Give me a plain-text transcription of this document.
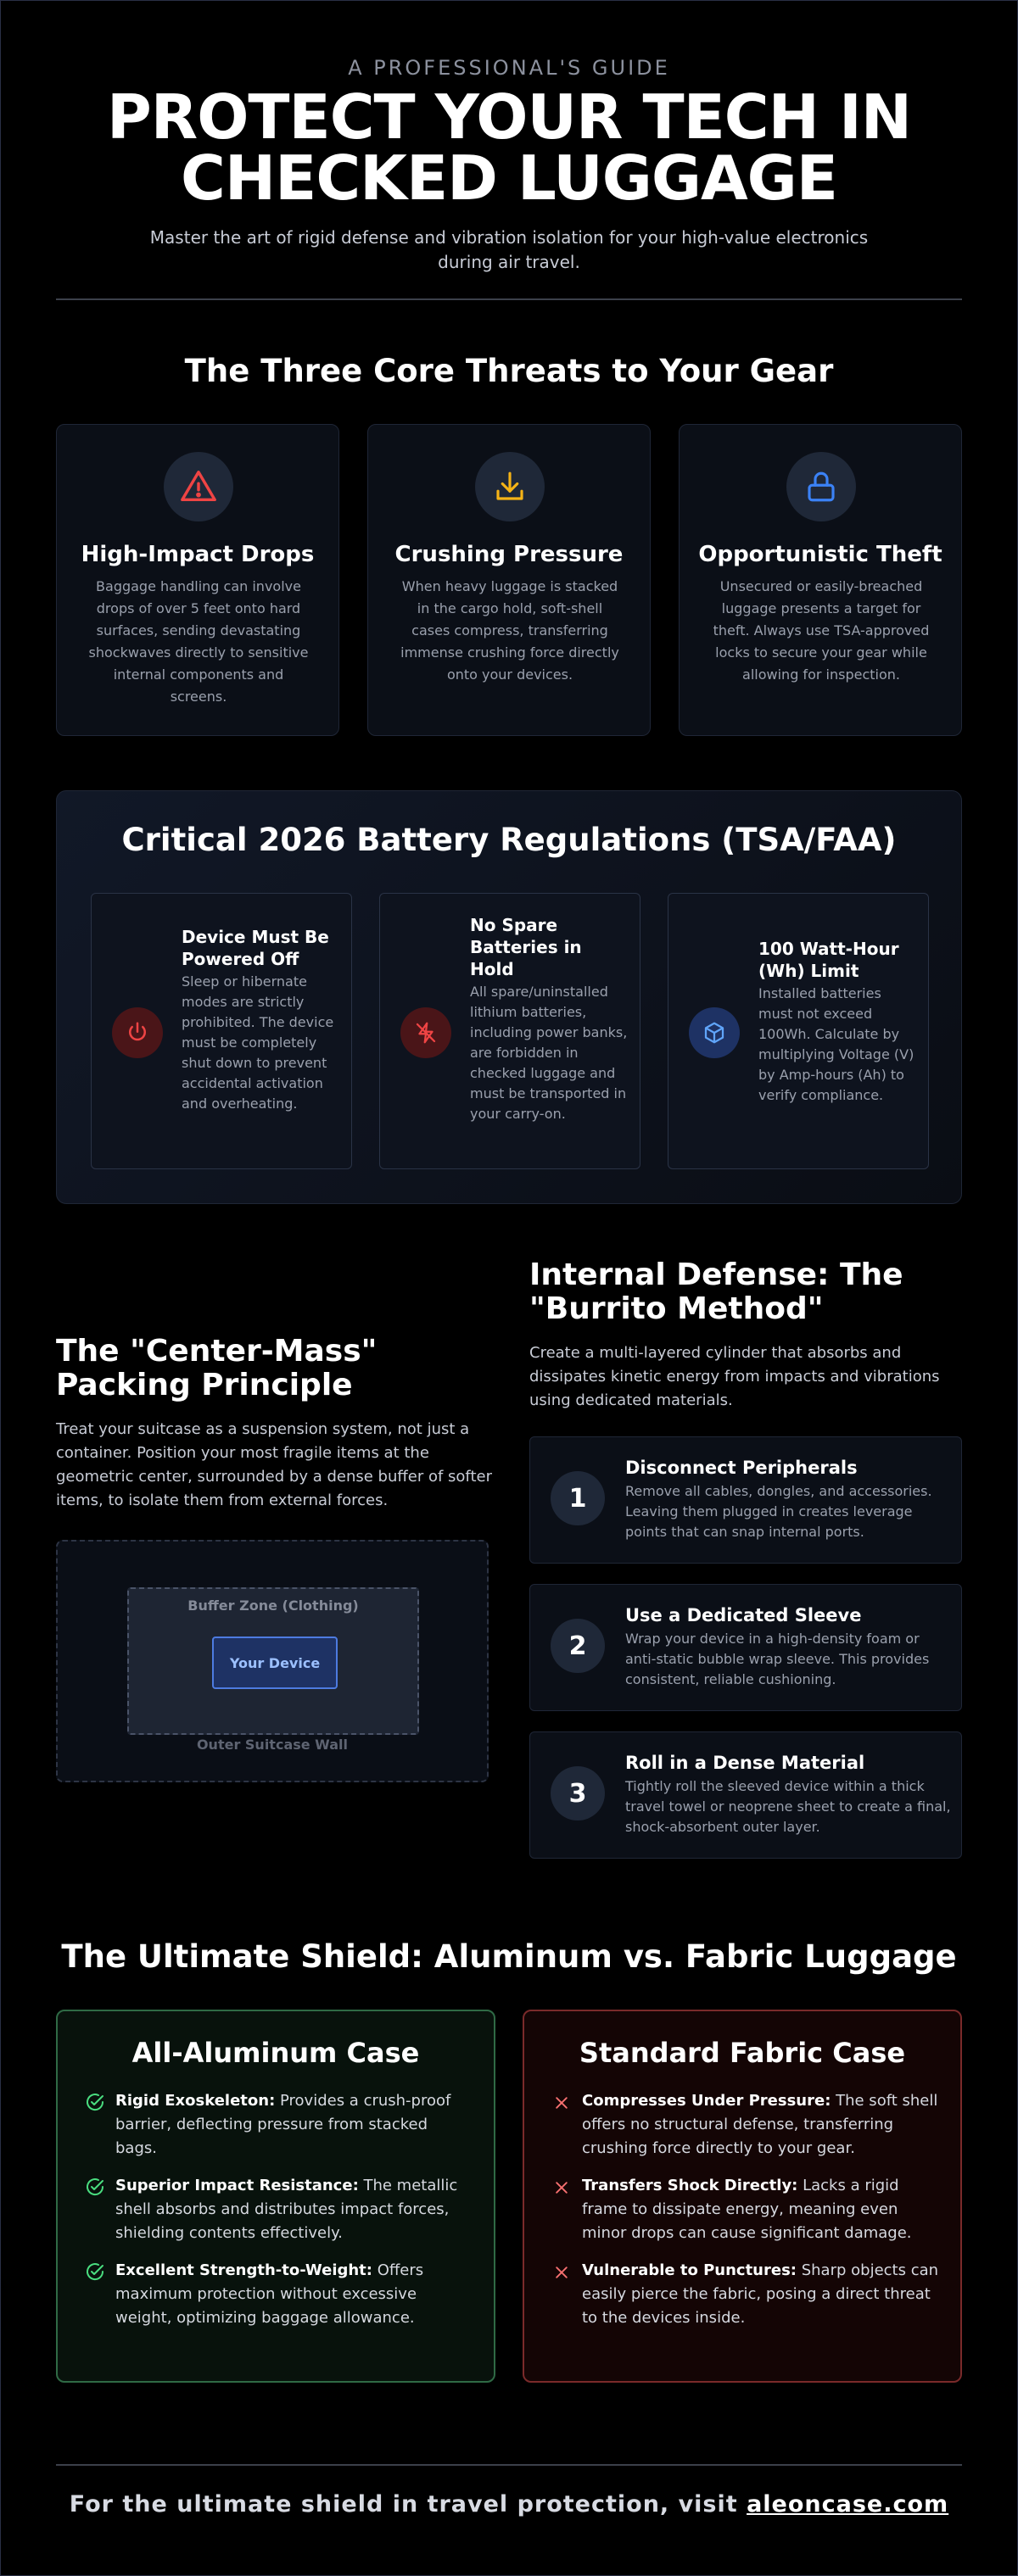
A PROFESSIONAL'S GUIDE
PROTECT YOUR TECH IN
CHECKED LUGGAGE
Master the art of rigid defense and vibration isolation for your high-value electronics during air travel.
The Three Core Threats to Your Gear
High-Impact Drops

Baggage handling can involve drops of over 5 feet onto hard surfaces, sending devastating shockwaves directly to sensitive internal components and screens.

Crushing Pressure

When heavy luggage is stacked in the cargo hold, soft-shell cases compress, transferring immense crushing force directly onto your devices.

Opportunistic Theft

Unsecured or easily-breached luggage presents a target for theft. Always use TSA-approved locks to secure your gear while allowing for inspection.

Critical 2026 Battery Regulations (TSA/FAA)
Device Must Be Powered Off

Sleep or hibernate modes are strictly prohibited. The device must be completely shut down to prevent accidental activation and overheating.

No Spare Batteries in Hold

All spare/uninstalled lithium batteries, including power banks, are forbidden in checked luggage and must be transported in your carry-on.

100 Watt-Hour (Wh) Limit

Installed batteries must not exceed 100Wh. Calculate by multiplying Voltage (V) by Amp-hours (Ah) to verify compliance.

The "Center-Mass" Packing Principle
Treat your suitcase as a suspension system, not just a container. Position your most fragile items at the geometric center, surrounded by a dense buffer of softer items, to isolate them from external forces.
Buffer Zone (Clothing)
Your Device
Outer Suitcase Wall
Internal Defense: The "Burrito Method"
Create a multi-layered cylinder that absorbs and dissipates kinetic energy from impacts and vibrations using dedicated materials.
1
Disconnect Peripherals

Remove all cables, dongles, and accessories. Leaving them plugged in creates leverage points that can snap internal ports.

2
Use a Dedicated Sleeve

Wrap your device in a high-density foam or anti-static bubble wrap sleeve. This provides consistent, reliable cushioning.

3
Roll in a Dense Material

Tightly roll the sleeved device within a thick travel towel or neoprene sheet to create a final, shock-absorbent outer layer.

The Ultimate Shield: Aluminum vs. Fabric Luggage
All-Aluminum Case
Rigid Exoskeleton: Provides a crush-proof barrier, deflecting pressure from stacked bags.
Superior Impact Resistance: The metallic shell absorbs and distributes impact forces, shielding contents effectively.
Excellent Strength-to-Weight: Offers maximum protection without excessive weight, optimizing baggage allowance.
Standard Fabric Case
Compresses Under Pressure: The soft shell offers no structural defense, transferring crushing force directly to your gear.
Transfers Shock Directly: Lacks a rigid frame to dissipate energy, meaning even minor drops can cause significant damage.
Vulnerable to Punctures: Sharp objects can easily pierce the fabric, posing a direct threat to the devices inside.
For the ultimate shield in travel protection, visit aleoncase.com
